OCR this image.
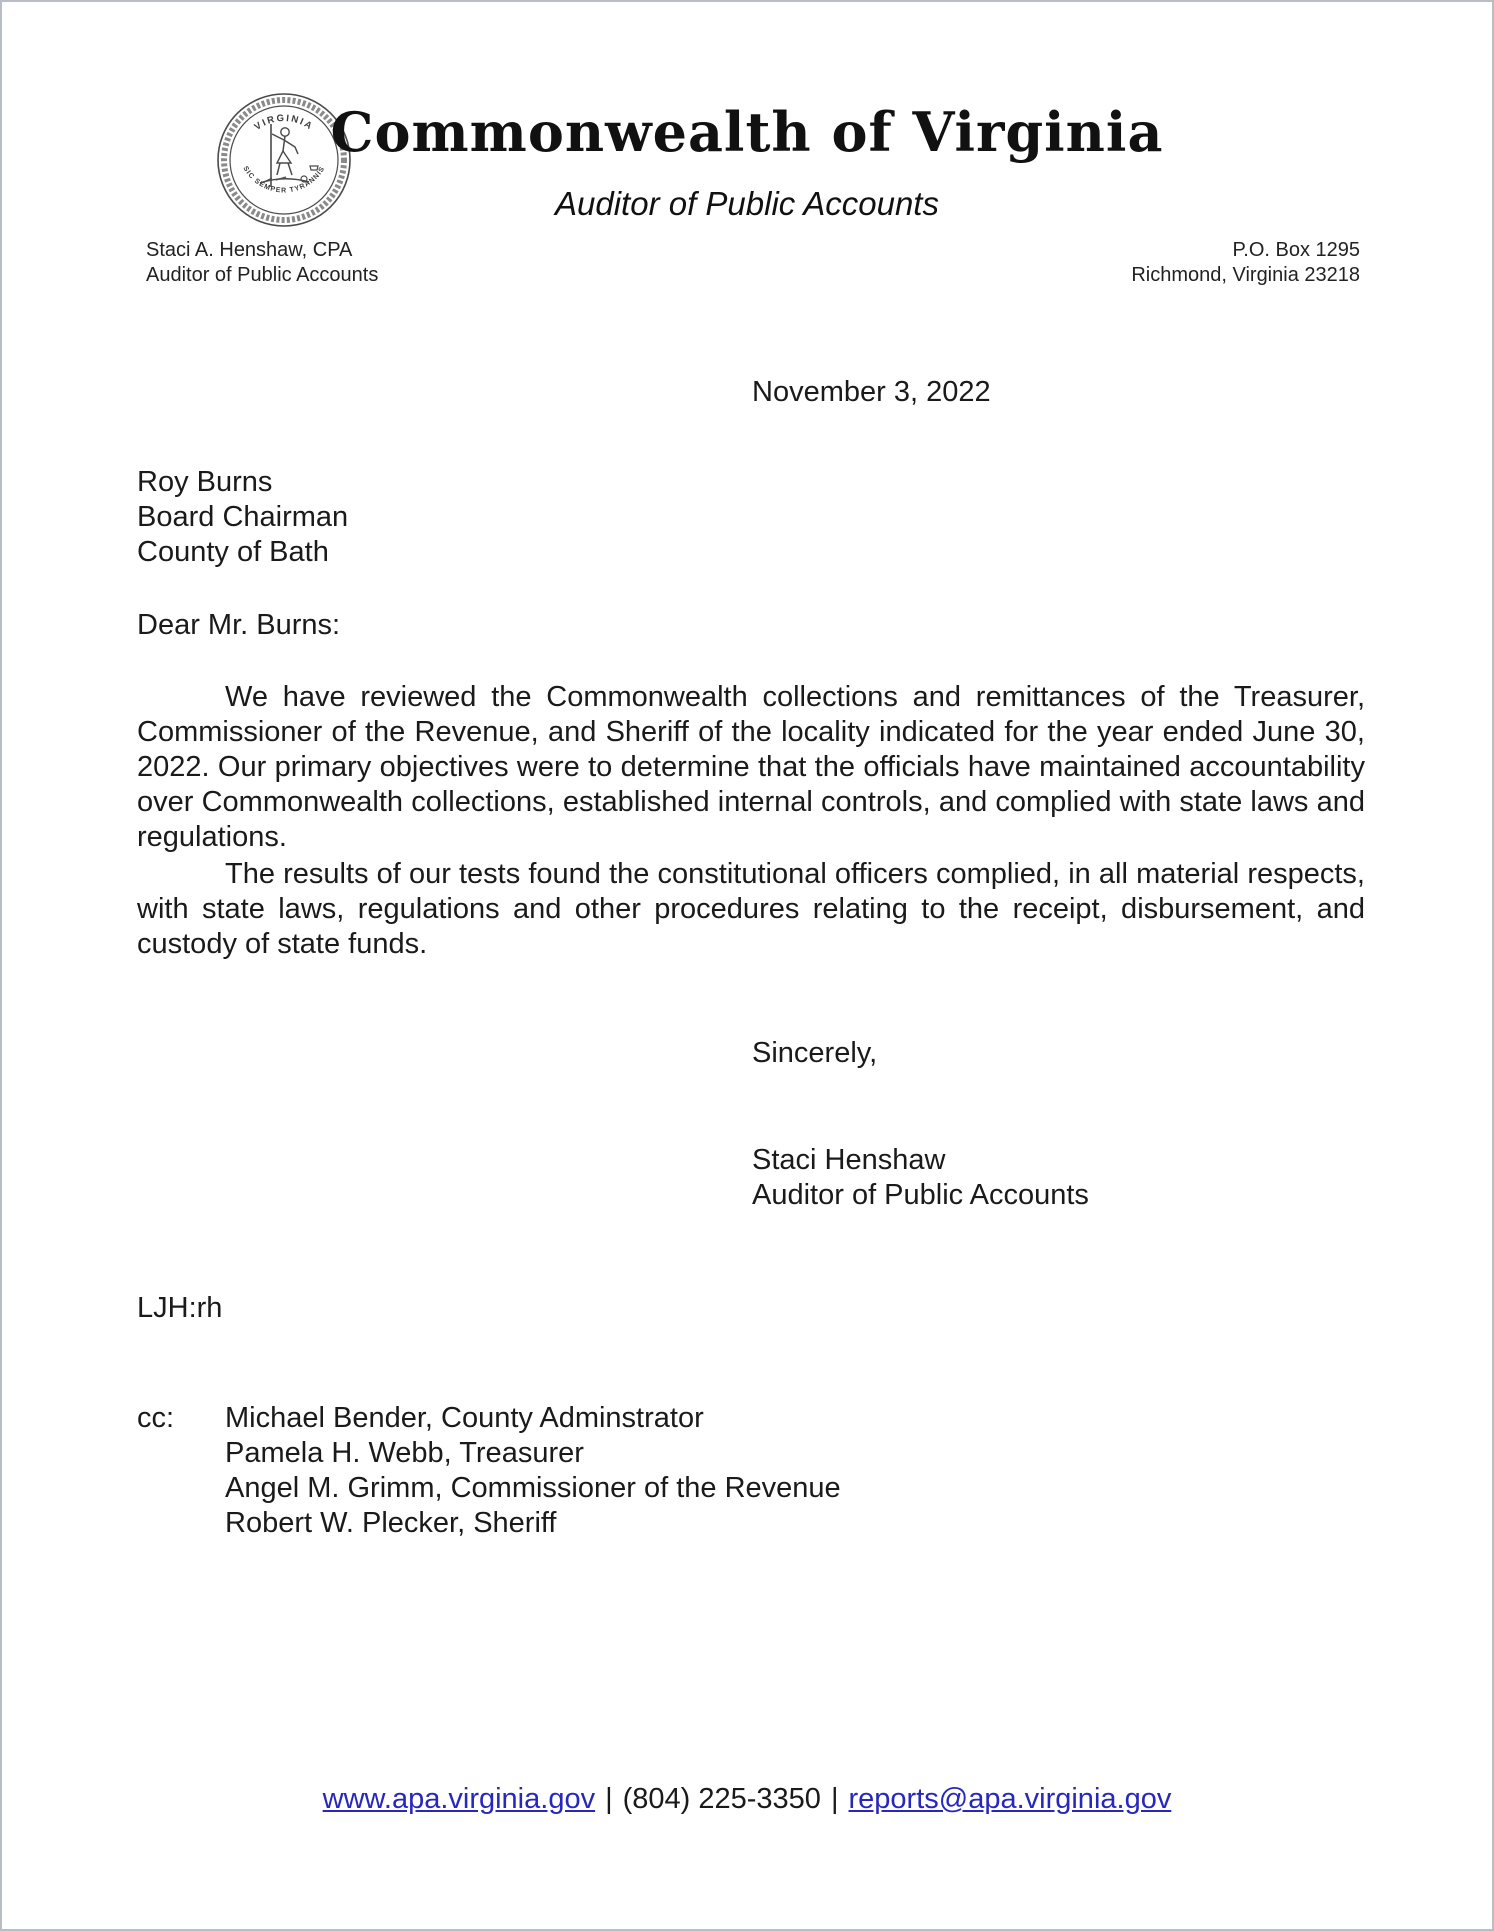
VIRGINIA
SIC SEMPER TYRANNIS
Commonwealth of Virginia
Auditor of Public Accounts
Staci A. Henshaw, CPA
Auditor of Public Accounts
P.O. Box 1295
Richmond, Virginia 23218
November 3, 2022
Roy Burns
Board Chairman
County of Bath
Dear Mr. Burns:

We have reviewed the Commonwealth collections and remittances of the Treasurer, Commissioner of the Revenue, and Sheriff of the locality indicated for the year ended June 30, 2022. Our primary objectives were to determine that the officials have maintained accountability over Commonwealth collections, established internal controls, and complied with state laws and regulations.

The results of our tests found the constitutional officers complied, in all material respects, with state laws, regulations and other procedures relating to the receipt, disbursement, and custody of state funds.

Sincerely,
Staci Henshaw
Auditor of Public Accounts
LJH:rh
cc:	Michael Bender, County Adminstrator
Pamela H. Webb, Treasurer
Angel M. Grimm, Commissioner of the Revenue
Robert W. Plecker, Sheriff
www.apa.virginia.gov | (804) 225-3350 | reports@apa.virginia.gov
